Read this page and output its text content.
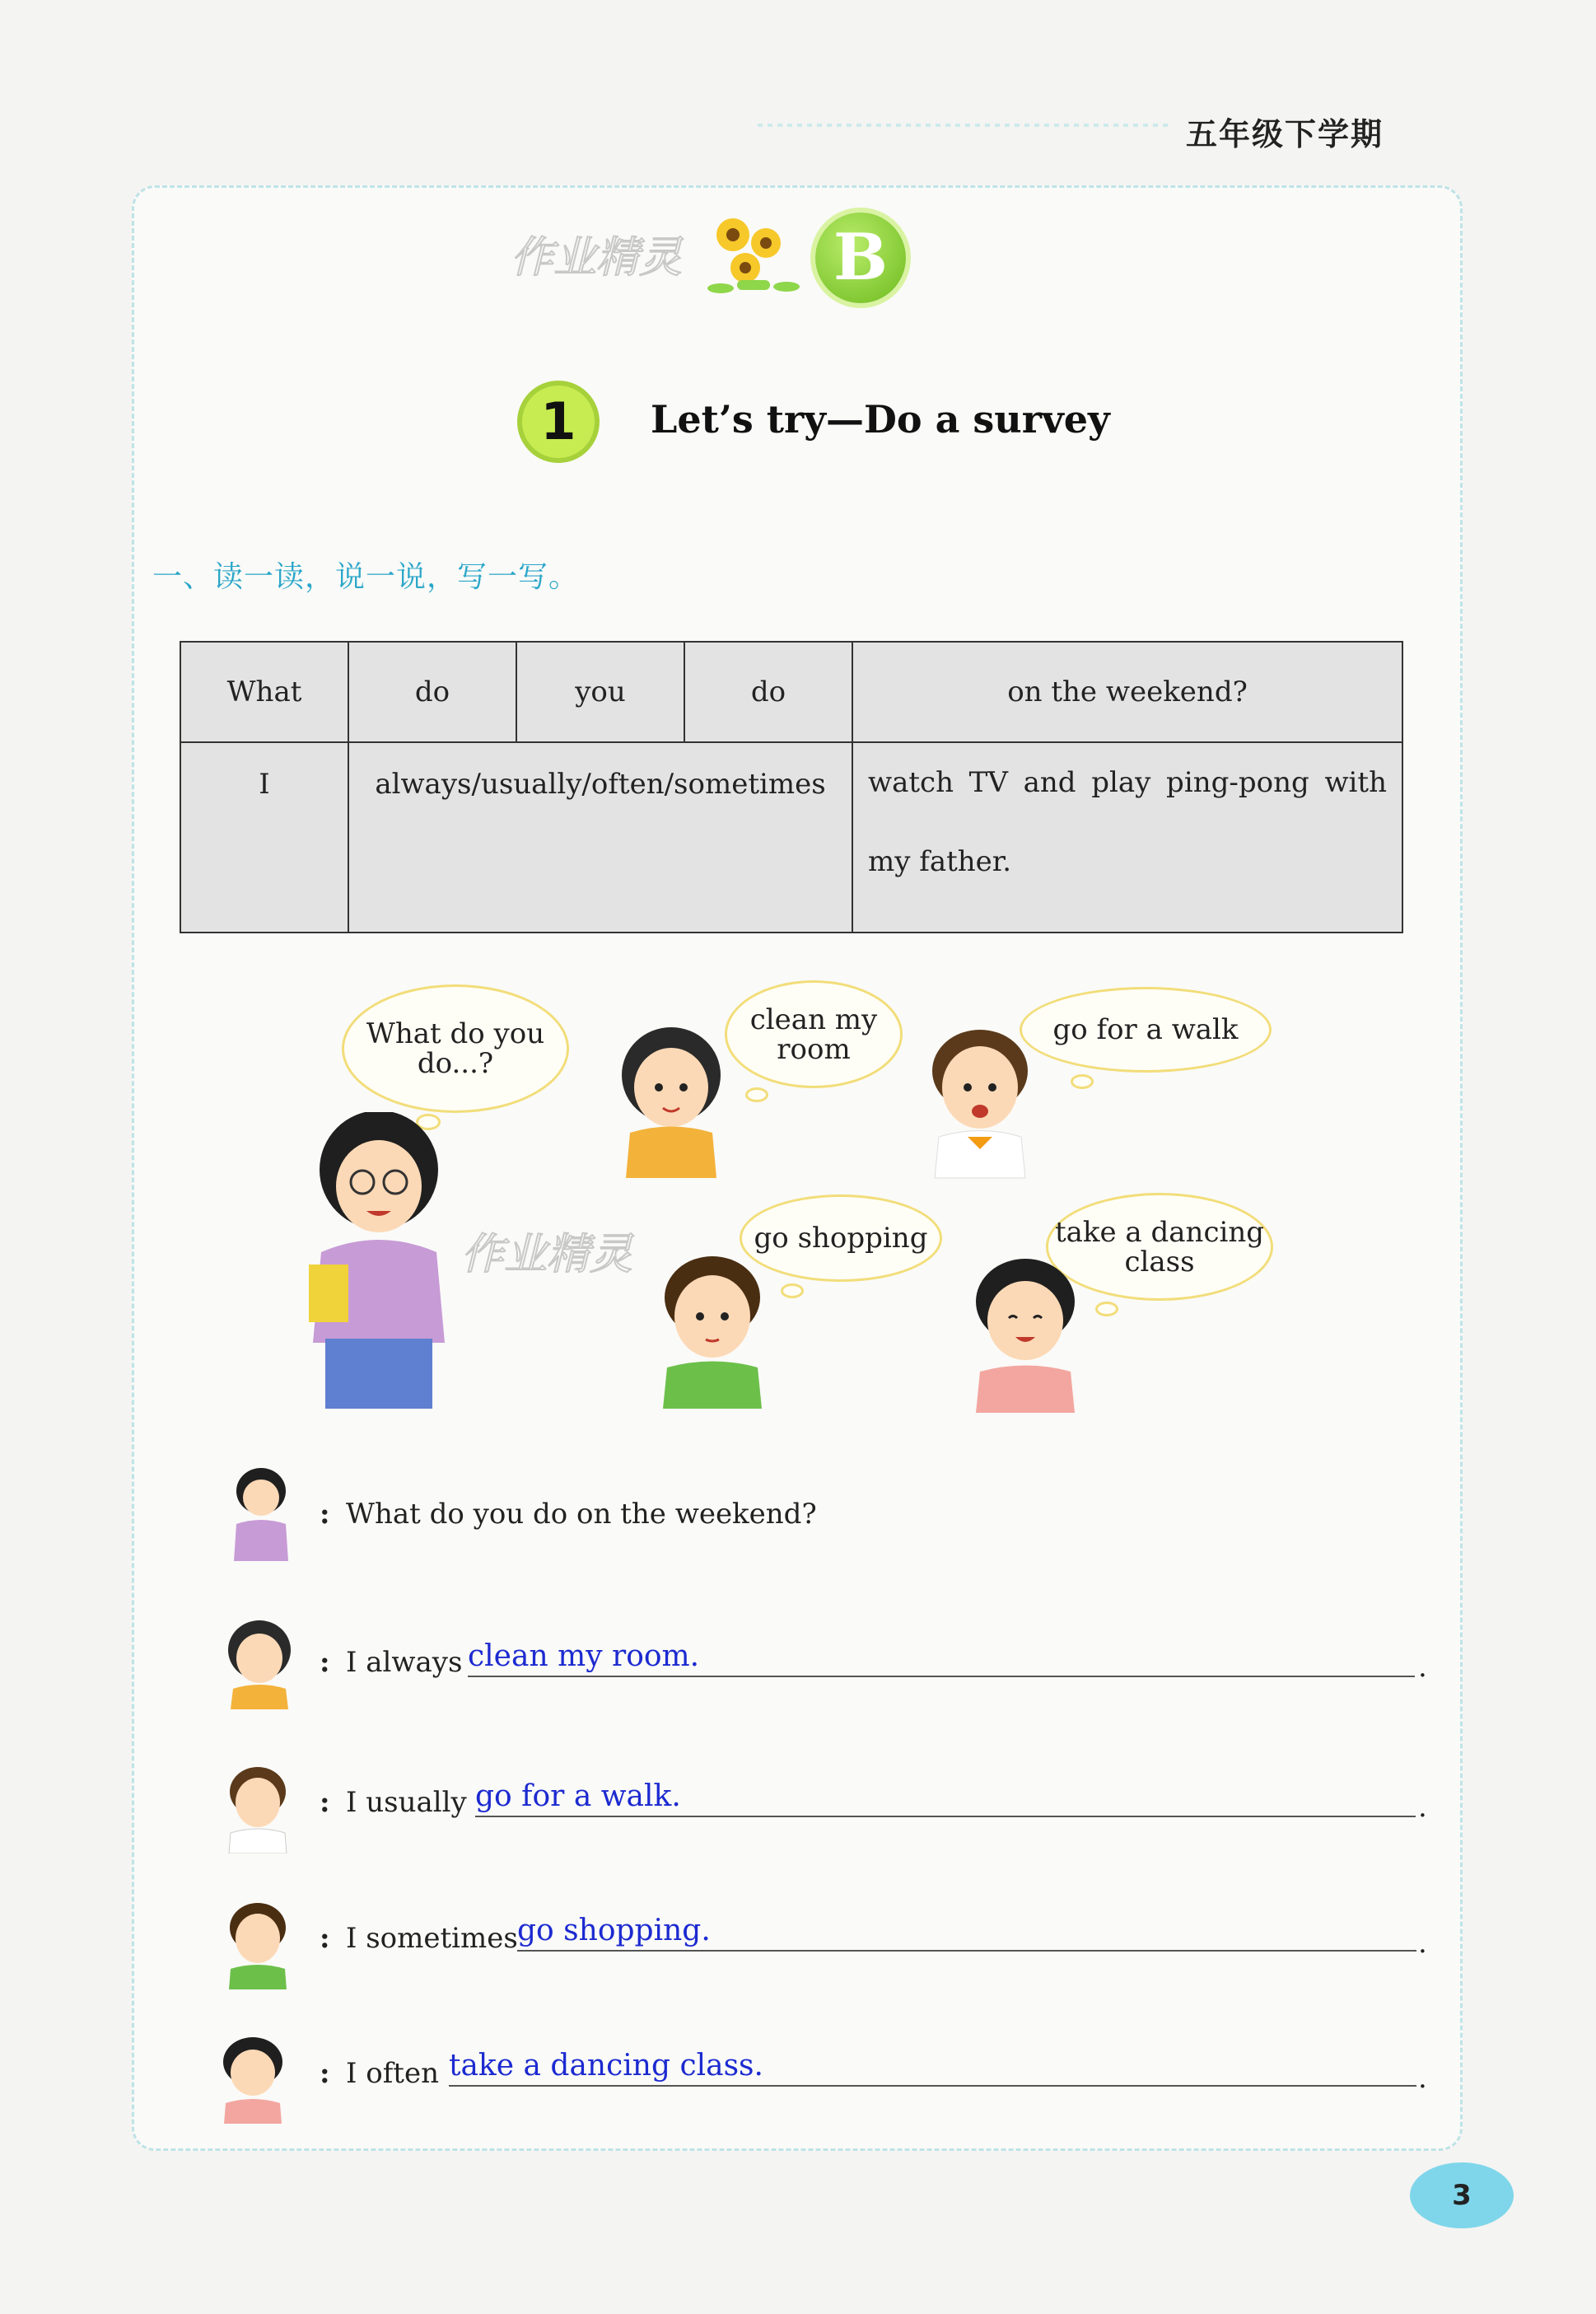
五年级下学期
作业精灵 B
1	Let’s try—Do a survey
一、读一读，说一说，写一写。
What	do	you	do	on the weekend?
I	always/usually/often/sometimes			watch TV and play ping-pong with my father.
What do you do...?
clean my room
go for a walk
go shopping	take a dancing class
作业精灵
: What do you do on the weekend?
: I always clean my room.	.
: I usually go for a walk.	.
: I sometimes go shopping.	.
: I often take a dancing class.	.
3
